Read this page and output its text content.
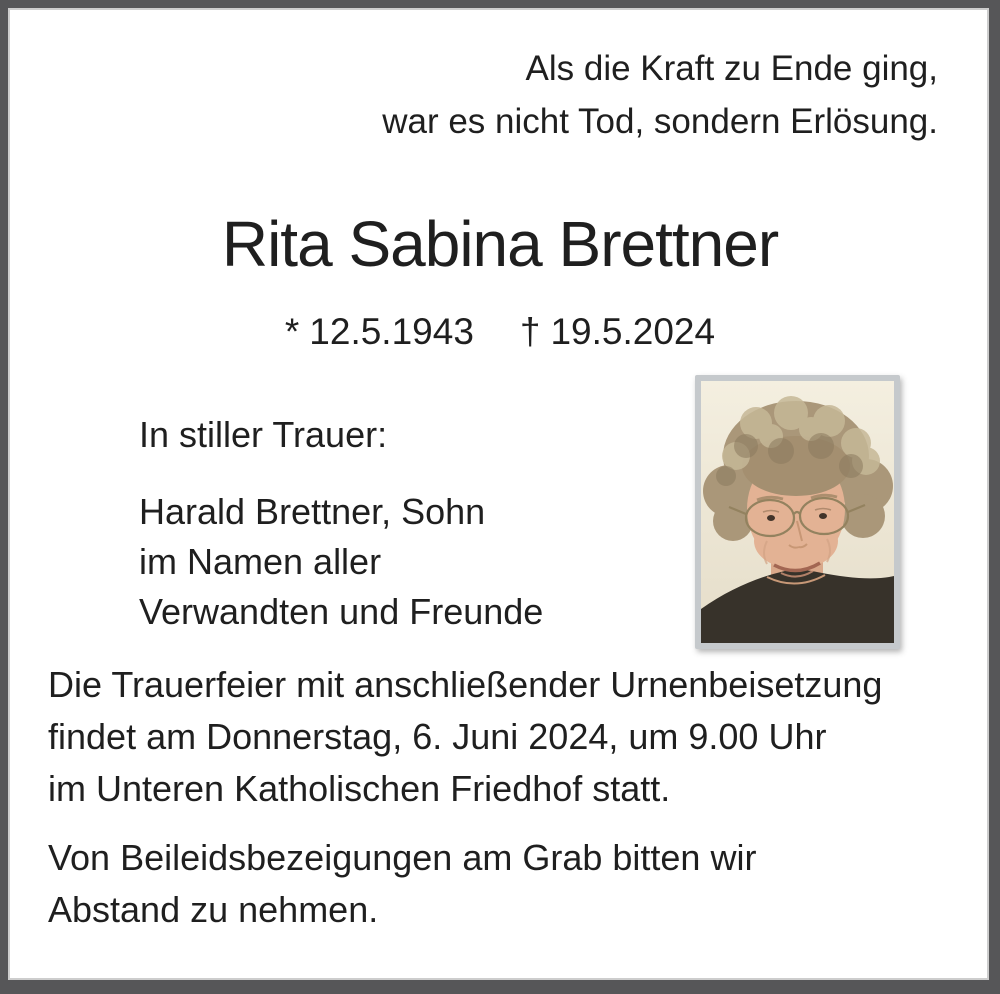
Als die Kraft zu Ende ging,
war es nicht Tod, sondern Erlösung.
Rita Sabina Brettner
* 12.5.1943 † 19.5.2024
In stiller Trauer:
Harald Brettner, Sohn
im Namen aller
Verwandten und Freunde
Die Trauerfeier mit anschließender Urnenbeisetzung
findet am Donnerstag, 6. Juni 2024, um 9.00 Uhr
im Unteren Katholischen Friedhof statt.
Von Beileidsbezeigungen am Grab bitten wir
Abstand zu nehmen.
